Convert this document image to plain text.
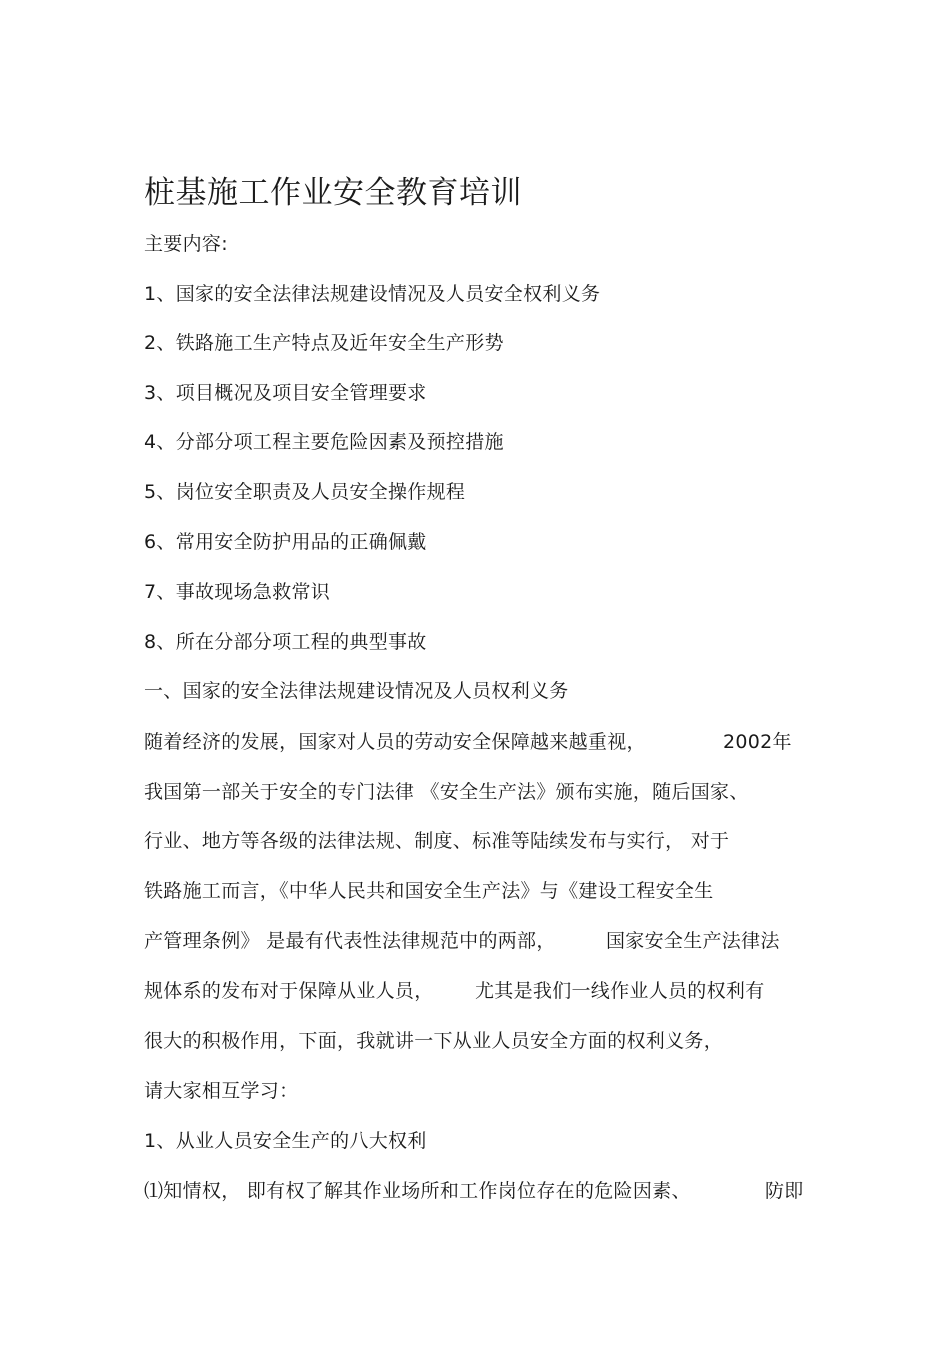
桩基施工作业安全教育培训
主要内容:
1、国家的安全法律法规建设情况及人员安全权利义务
2、铁路施工生产特点及近年安全生产形势
3、项目概况及项目安全管理要求
4、分部分项工程主要危险因素及预控措施
5、岗位安全职责及人员安全操作规程
6、常用安全防护用品的正确佩戴
7、事故现场急救常识
8、所在分部分项工程的典型事故
一、国家的安全法律法规建设情况及人员权利义务
随着经济的发展，国家对人员的劳动安全保障越来越重视，	2002年
我国第一部关于安全的专门法律 《安全生产法》颁布实施，随后国家、
行业、地方等各级的法律法规、制度、标准等陆续发布与实行， 对于
铁路施工而言，《中华人民共和国安全生产法》与《建设工程安全生
产管理条例》 是最有代表性法律规范中的两部，	国家安全生产法律法
规体系的发布对于保障从业人员， 尤其是我们一线作业人员的权利有
很大的积极作用，下面，我就讲一下从业人员安全方面的权利义务，
请大家相互学习：
1、从业人员安全生产的八大权利
⑴知情权， 即有权了解其作业场所和工作岗位存在的危险因素、	防即
